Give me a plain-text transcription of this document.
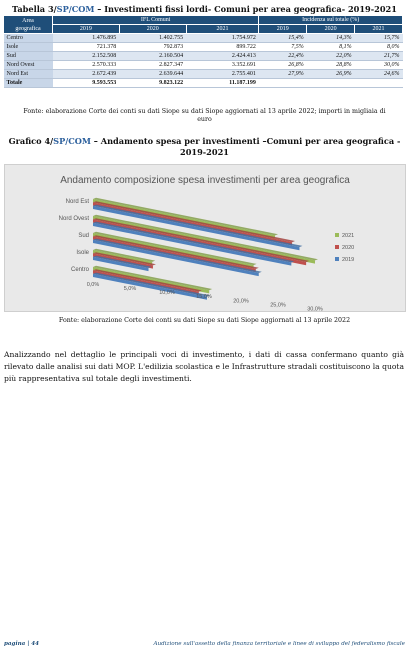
Tabella 3/SP/COM – Investimenti fissi lordi- Comuni per area geografica- 2019-2021
Area
geografica	IFL Comuni			Incidenza sul totale (%)		
	2019	2020	2021	2019	2020	2021
Centro	1.476.895	1.402.755	1.754.972	15,4%	14,3%	15,7%
Isole	721.378	792.873	899.722	7,5%	8,1%	8,0%
Sud	2.152.508	2.160.504	2.424.413	22,4%	22,0%	21,7%
Nord Ovest	2.570.333	2.827.347	3.352.691	26,8%	28,8%	30,0%
Nord Est	2.672.439	2.639.644	2.755.401	27,9%	26,9%	24,6%
Totale	9.593.553	9.823.122	11.187.199			
Fonte: elaborazione Corte dei conti su dati Siope su dati Siope aggiornati al 13 aprile 2022; importi in migliaia di
euro
Grafico 4/SP/COM – Andamento spesa per investimenti –Comuni per area geografica -
2019-2021
Andamento composizione spesa investimenti per area geografica
Nord Est
Nord Ovest
Sud
Isole
Centro
0,0%
5,0%
10,0%
15,0%
20,0%
25,0%
30,0%
2021
2020
2019
Fonte: elaborazione Corte dei conti su dati Siope su dati Siope aggiornati al 13 aprile 2022
Analizzando nel dettaglio le principali voci di investimento, i dati di cassa confermano quanto già rilevato dalle analisi sui dati MOP. L'edilizia scolastica e le Infrastrutture stradali costituiscono la quota più rappresentativa sul totale degli investimenti.
pagina | 44	Audizione sull'assetto della finanza territoriale e linee di sviluppo del federalismo fiscale
